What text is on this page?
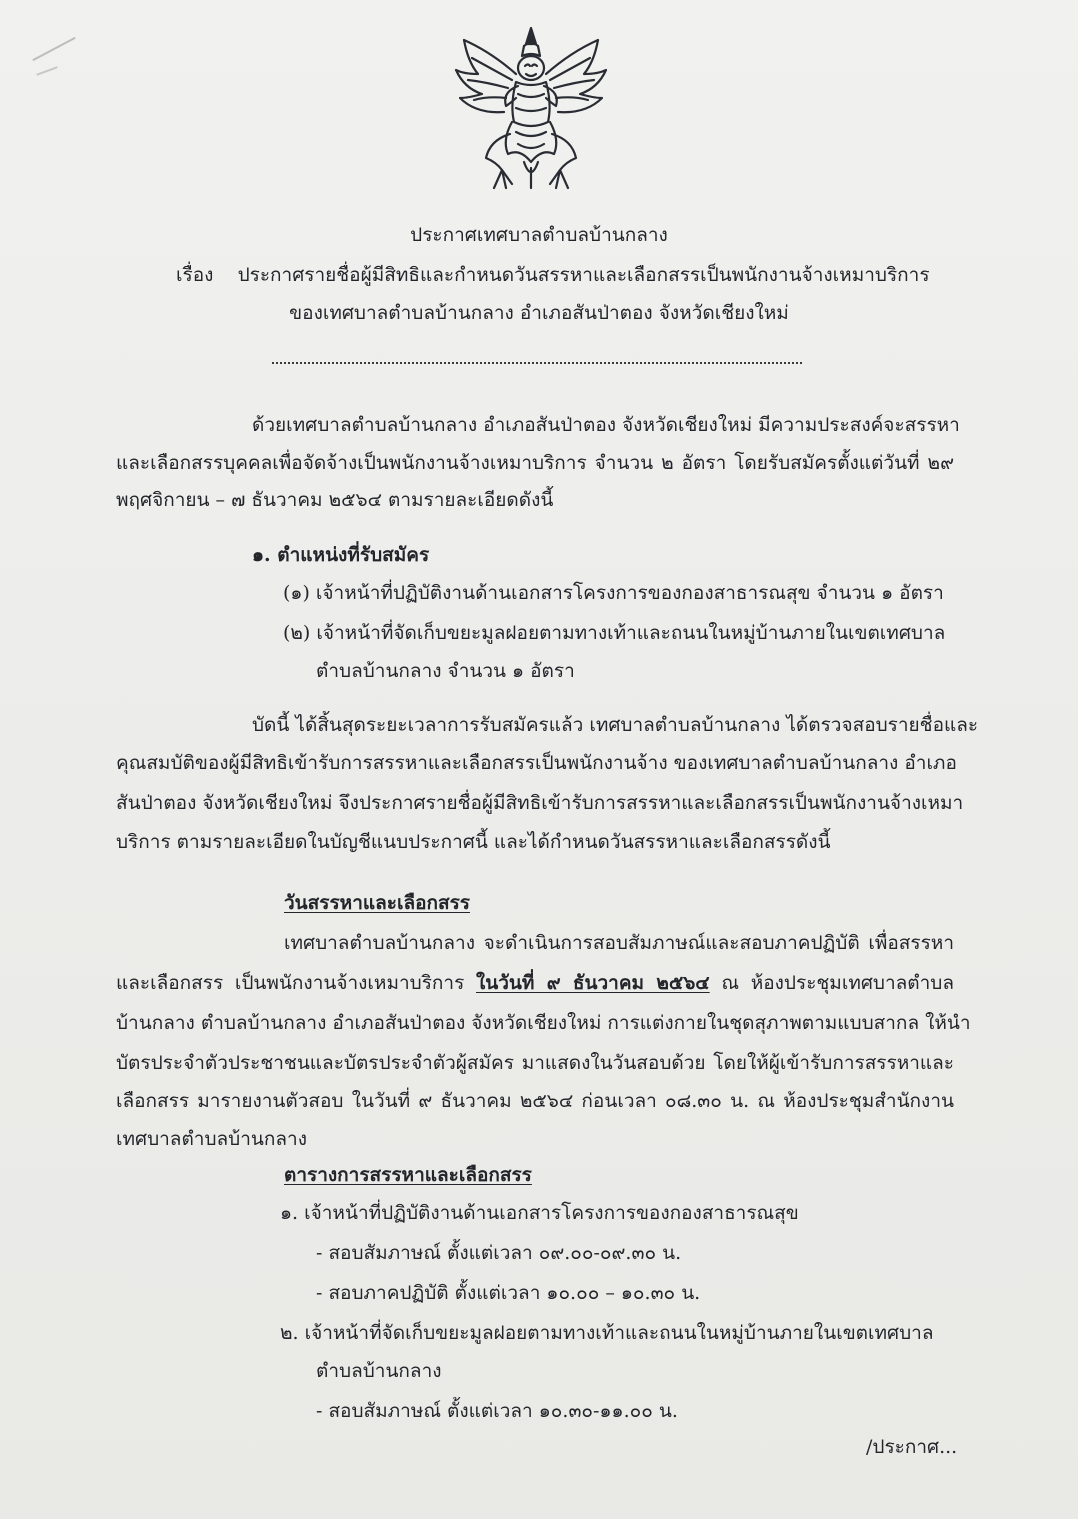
ประกาศเทศบาลตำบลบ้านกลาง
เรื่อง ประกาศรายชื่อผู้มีสิทธิและกำหนดวันสรรหาและเลือกสรรเป็นพนักงานจ้างเหมาบริการ
ของเทศบาลตำบลบ้านกลาง อำเภอสันป่าตอง จังหวัดเชียงใหม่
ด้วยเทศบาลตำบลบ้านกลาง อำเภอสันป่าตอง จังหวัดเชียงใหม่ มีความประสงค์จะสรรหา
และเลือกสรรบุคคลเพื่อจัดจ้างเป็นพนักงานจ้างเหมาบริการ จำนวน ๒ อัตรา โดยรับสมัครตั้งแต่วันที่ ๒๙
พฤศจิกายน – ๗ ธันวาคม ๒๕๖๔ ตามรายละเอียดดังนี้
๑. ตำแหน่งที่รับสมัคร
(๑) เจ้าหน้าที่ปฏิบัติงานด้านเอกสารโครงการของกองสาธารณสุข จำนวน ๑ อัตรา
(๒) เจ้าหน้าที่จัดเก็บขยะมูลฝอยตามทางเท้าและถนนในหมู่บ้านภายในเขตเทศบาล
ตำบลบ้านกลาง จำนวน ๑ อัตรา
บัดนี้ ได้สิ้นสุดระยะเวลาการรับสมัครแล้ว เทศบาลตำบลบ้านกลาง ได้ตรวจสอบรายชื่อและ
คุณสมบัติของผู้มีสิทธิเข้ารับการสรรหาและเลือกสรรเป็นพนักงานจ้าง ของเทศบาลตำบลบ้านกลาง อำเภอ
สันป่าตอง จังหวัดเชียงใหม่ จึงประกาศรายชื่อผู้มีสิทธิเข้ารับการสรรหาและเลือกสรรเป็นพนักงานจ้างเหมา
บริการ ตามรายละเอียดในบัญชีแนบประกาศนี้ และได้กำหนดวันสรรหาและเลือกสรรดังนี้
วันสรรหาและเลือกสรร
เทศบาลตำบลบ้านกลาง จะดำเนินการสอบสัมภาษณ์และสอบภาคปฏิบัติ เพื่อสรรหา
และเลือกสรร เป็นพนักงานจ้างเหมาบริการ ในวันที่ ๙ ธันวาคม ๒๕๖๔ ณ ห้องประชุมเทศบาลตำบล
บ้านกลาง ตำบลบ้านกลาง อำเภอสันป่าตอง จังหวัดเชียงใหม่ การแต่งกายในชุดสุภาพตามแบบสากล ให้นำ
บัตรประจำตัวประชาชนและบัตรประจำตัวผู้สมัคร มาแสดงในวันสอบด้วย โดยให้ผู้เข้ารับการสรรหาและ
เลือกสรร มารายงานตัวสอบ ในวันที่ ๙ ธันวาคม ๒๕๖๔ ก่อนเวลา ๐๘.๓๐ น. ณ ห้องประชุมสำนักงาน
เทศบาลตำบลบ้านกลาง
ตารางการสรรหาและเลือกสรร
๑. เจ้าหน้าที่ปฏิบัติงานด้านเอกสารโครงการของกองสาธารณสุข
- สอบสัมภาษณ์ ตั้งแต่เวลา ๐๙.๐๐-๐๙.๓๐ น.
- สอบภาคปฏิบัติ ตั้งแต่เวลา ๑๐.๐๐ – ๑๐.๓๐ น.
๒. เจ้าหน้าที่จัดเก็บขยะมูลฝอยตามทางเท้าและถนนในหมู่บ้านภายในเขตเทศบาล
ตำบลบ้านกลาง
- สอบสัมภาษณ์ ตั้งแต่เวลา ๑๐.๓๐-๑๑.๐๐ น.
/ประกาศ...
